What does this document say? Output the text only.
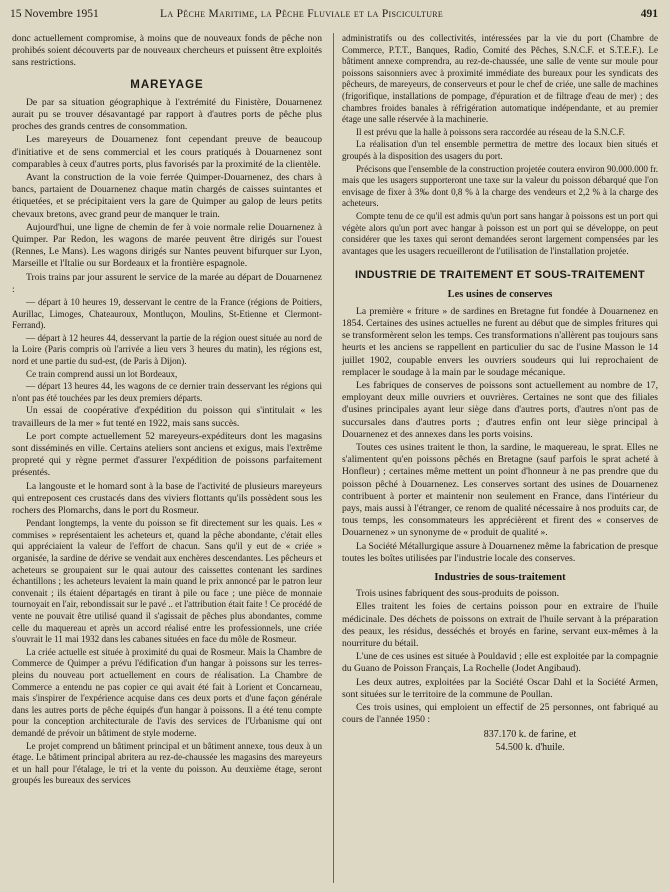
15 Novembre 1951	La Pêche Maritime, la Pêche Fluviale et la Pisciculture	491

donc actuellement compromise, à moins que de nouveaux fonds de pêche non prohibés soient découverts par de nouveaux chercheurs et puissent être exploités sans restrictions.

MAREYAGE

De par sa situation géographique à l'extrémité du Finistère, Douarnenez aurait pu se trouver désavantagé par rapport à d'autres ports de pêche plus proches des grands centres de consommation.

Les mareyeurs de Douarnenez font cependant preuve de beaucoup d'initiative et de sens commercial et les cours pratiqués à Douarnenez sont comparables à ceux d'autres ports, plus favorisés par la proximité de la clientèle.

Avant la construction de la voie ferrée Quimper-Douarnenez, des chars à bancs, partaient de Douarnenez chaque matin chargés de caisses suintantes et étiquetées, et se précipitaient vers la gare de Quimper au galop de leurs petits chevaux bretons, avec grand peur de manquer le train.

Aujourd'hui, une ligne de chemin de fer à voie normale relie Douarnenez à Quimper. Par Redon, les wagons de marée peuvent être dirigés sur l'ouest (Rennes, Le Mans). Les wagons dirigés sur Nantes peuvent bifurquer sur Lyon, Marseille et l'Italie ou sur Bordeaux et la frontière espagnole.

Trois trains par jour assurent le service de la marée au départ de Douarnenez :

— départ à 10 heures 19, desservant le centre de la France (régions de Poitiers, Aurillac, Limoges, Chateauroux, Montluçon, Moulins, St-Etienne et Clermont-Ferrand).

— départ à 12 heures 44, desservant la partie de la région ouest située au nord de la Loire (Paris compris où l'arrivée a lieu vers 3 heures du matin), les régions est, nord et une partie du sud-est, (de Paris à Dijon).

Ce train comprend aussi un lot Bordeaux,

— départ 13 heures 44, les wagons de ce dernier train desservant les régions qui n'ont pas été touchées par les deux premiers départs.

Un essai de coopérative d'expédition du poisson qui s'intitulait « les travailleurs de la mer » fut tenté en 1922, mais sans succès.

Le port compte actuellement 52 mareyeurs-expéditeurs dont les magasins sont disséminés en ville. Certains ateliers sont anciens et exigus, mais l'extrême propreté qui y règne permet d'assurer l'expédition de poissons parfaitement présentés.

La langouste et le homard sont à la base de l'activité de plusieurs mareyeurs qui entreposent ces crustacés dans des viviers flottants qu'ils possèdent sous les rochers des Plomarchs, dans le port du Rosmeur.

Pendant longtemps, la vente du poisson se fit directement sur les quais. Les « commises » représentaient les acheteurs et, quand la pêche abondante, c'était elles qui appréciaient la valeur de l'effort de chacun. Sans qu'il y eut de « criée » organisée, la sardine de dérive se vendait aux enchères descendantes. Les pêcheurs et acheteurs se groupaient sur le quai autour des caissettes contenant les sardines échantillons ; les acheteurs levaient la main quand le prix annoncé par le patron leur convenait ; ils étaient départagés en tirant à pile ou face ; une pièce de monnaie tournoyait en l'air, rebondissait sur le pavé .. et l'attribution était faite ! Ce procédé de vente ne pouvait être utilisé quand il s'agissait de pêches plus abondantes, comme celle du maquereau et après un accord réalisé entre les professionnels, une criée s'ouvrait le 11 mai 1932 dans les cabanes situées en face du môle de Rosmeur.

La criée actuelle est située à proximité du quai de Rosmeur. Mais la Chambre de Commerce de Quimper a prévu l'édification d'un hangar à poissons sur les terres-pleins du nouveau port actuellement en cours de réalisation. La Chambre de Commerce a entendu ne pas copier ce qui avait été fait à Lorient et Concarneau, mais s'inspirer de l'expérience acquise dans ces deux ports et d'une façon générale dans les autres ports de pêche équipés d'un hangar à poissons. Il a été tenu compte pour la conception architecturale de l'avis des services de l'Urbanisme qui ont demandé de prévoir un bâtiment de style moderne.

Le projet comprend un bâtiment principal et un bâtiment annexe, tous deux à un étage. Le bâtiment principal abritera au rez-de-chaussée les magasins des mareyeurs et un hall pour l'étalage, le tri et la vente du poisson. Au deuxième étage, seront groupés les bureaux des services

administratifs ou des collectivités, intéressées par la vie du port (Chambre de Commerce, P.T.T., Banques, Radio, Comité des Pêches, S.N.C.F. et S.T.E.F.). Le bâtiment annexe comprendra, au rez-de-chaussée, une salle de vente sur moule pour poissons saisonniers avec à proximité immédiate des bureaux pour les syndicats des pêcheurs, de mareyeurs, de conserveurs et pour le chef de criée, une salle de machines (frigorifique, installations de pompage, d'épuration et de filtrage d'eau de mer) ; des chambres froides banales à réfrigération automatique indépendante, et au premier étage une salle réservée à la machinerie.

Il est prévu que la halle à poissons sera raccordée au réseau de la S.N.C.F.

La réalisation d'un tel ensemble permettra de mettre des locaux bien situés et groupés à la disposition des usagers du port.

Précisons que l'ensemble de la construction projetée coutera environ 90.000.000 fr. mais que les usagers supporteront une taxe sur la valeur du poisson débarqué que l'on envisage de fixer à 3‰ dont 0,8 % à la charge des vendeurs et 2,2 % à la charge des acheteurs.

Compte tenu de ce qu'il est admis qu'un port sans hangar à poissons est un port qui végète alors qu'un port avec hangar à poisson est un port qui se développe, on peut considérer que les taxes qui seront demandées seront largement compensées par les avantages que les usagers recueilleront de l'utilisation de l'installation projetée.

INDUSTRIE DE TRAITEMENT ET SOUS-TRAITEMENT
Les usines de conserves

La première « friture » de sardines en Bretagne fut fondée à Douarnenez en 1854. Certaines des usines actuelles ne furent au début que de simples fritures qui se transformèrent selon les temps. Ces transformations n'allèrent pas toujours sans heurts et les anciens se rappellent en particulier du sac de l'usine Masson le 14 juillet 1902, coupable envers les ouvriers soudeurs qui lui reprochaient de remplacer le soudage à la main par le soudage mécanique.

Les fabriques de conserves de poissons sont actuellement au nombre de 17, employant deux mille ouvriers et ouvrières. Certaines ne sont que des filiales d'usines principales ayant leur siège dans d'autres ports, d'autres n'ont pas de succursales dans d'autres ports ; d'autres enfin ont leur siège principal à Douarnenez et des annexes dans les ports voisins.

Toutes ces usines traitent le thon, la sardine, le maquereau, le sprat. Elles ne s'alimentent qu'en poissons pêchés en Bretagne (sauf parfois le sprat acheté à Honfleur) ; certaines même mettent un point d'honneur à ne pas prendre que du poisson pêché à Douarnenez. Les conserves sortant des usines de Douarnenez contribuent à porter et maintenir non seulement en France, dans l'intérieur du pays, mais aussi à l'étranger, ce renom de qualité nécessaire à nos produits car, de tous temps, les consommateurs les apprécièrent et firent des « conserves de Douarnenez » un synonyme de « produit de qualité ».

La Société Métallurgique assure à Douarnenez même la fabrication de presque toutes les boîtes utilisées par l'industrie locale des conserves.

Industries de sous-traitement

Trois usines fabriquent des sous-produits de poisson.

Elles traitent les foies de certains poisson pour en extraire de l'huile médicinale. Des déchets de poissons on extrait de l'huile servant à la préparation des peaux, les résidus, desséchés et broyés en farine, servant eux-mêmes à la nourriture du bétail.

L'une de ces usines est située à Pouldavid ; elle est exploitée par la compagnie du Guano de Poisson Français, La Rochelle (Jodet Angibaud).

Les deux autres, exploitées par la Société Oscar Dahl et la Société Armen, sont situées sur le territoire de la commune de Poullan.

Ces trois usines, qui emploient un effectif de 25 personnes, ont fabriqué au cours de l'année 1950 :

837.170 k. de farine, et
54.500 k. d'huile.
